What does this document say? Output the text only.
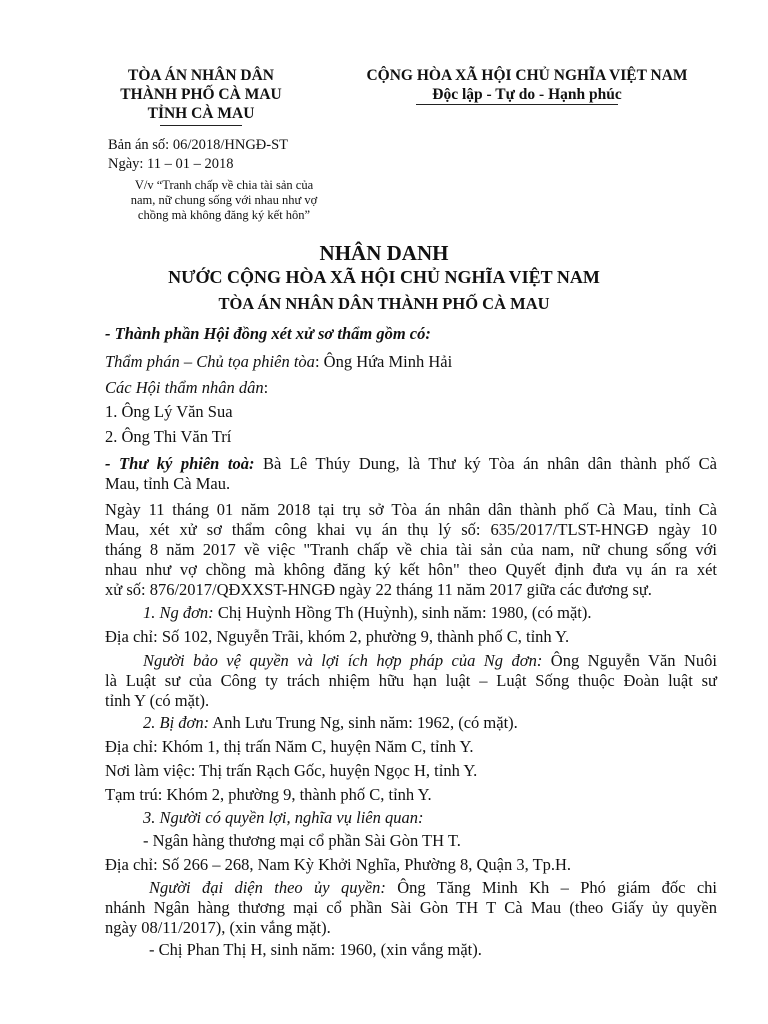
TÒA ÁN NHÂN DÂN
THÀNH PHỐ CÀ MAU
TỈNH CÀ MAU
CỘNG HÒA XÃ HỘI CHỦ NGHĨA VIỆT NAM
Độc lập - Tự do - Hạnh phúc
Bản án số: 06/2018/HNGĐ-ST
Ngày: 11 – 01 – 2018
V/v “Tranh chấp về chia tài sản của
nam, nữ chung sống với nhau như vợ
chồng mà không đăng ký kết hôn”
NHÂN DANH
NƯỚC CỘNG HÒA XÃ HỘI CHỦ NGHĨA VIỆT NAM
TÒA ÁN NHÂN DÂN THÀNH PHỐ CÀ MAU
- Thành phần Hội đồng xét xử sơ thẩm gồm có:
Thẩm phán – Chủ tọa phiên tòa: Ông Hứa Minh Hải
Các Hội thẩm nhân dân:
1. Ông Lý Văn Sua
2. Ông Thi Văn Trí
- Thư ký phiên toà: Bà Lê Thúy Dung, là Thư ký Tòa án nhân dân thành phố Cà
Mau, tỉnh Cà Mau.
Ngày 11 tháng 01 năm 2018 tại trụ sở Tòa án nhân dân thành phố Cà Mau, tỉnh Cà
Mau, xét xử sơ thẩm công khai vụ án thụ lý số: 635/2017/TLST-HNGĐ ngày 10
tháng 8 năm 2017 về việc "Tranh chấp về chia tài sản của nam, nữ chung sống với
nhau như vợ chồng mà không đăng ký kết hôn" theo Quyết định đưa vụ án ra xét
xử số: 876/2017/QĐXXST-HNGĐ ngày 22 tháng 11 năm 2017 giữa các đương sự.
1. Ng đơn: Chị Huỳnh Hồng Th (Huỳnh), sinh năm: 1980, (có mặt).
Địa chỉ: Số 102, Nguyễn Trãi, khóm 2, phường 9, thành phố C, tỉnh Y.
Người bảo vệ quyền và lợi ích hợp pháp của Ng đơn: Ông Nguyễn Văn Nuôi
là Luật sư của Công ty trách nhiệm hữu hạn luật – Luật Sống thuộc Đoàn luật sư
tỉnh Y (có mặt).
2. Bị đơn: Anh Lưu Trung Ng, sinh năm: 1962, (có mặt).
Địa chỉ: Khóm 1, thị trấn Năm C, huyện Năm C, tỉnh Y.
Nơi làm việc: Thị trấn Rạch Gốc, huyện Ngọc H, tỉnh Y.
Tạm trú: Khóm 2, phường 9, thành phố C, tỉnh Y.
3. Người có quyền lợi, nghĩa vụ liên quan:
- Ngân hàng thương mại cổ phần Sài Gòn TH T.
Địa chỉ: Số 266 – 268, Nam Kỳ Khởi Nghĩa, Phường 8, Quận 3, Tp.H.
Người đại diện theo ủy quyền: Ông Tăng Minh Kh – Phó giám đốc chi
nhánh Ngân hàng thương mại cổ phần Sài Gòn TH T Cà Mau (theo Giấy ủy quyền
ngày 08/11/2017), (xin vắng mặt).
- Chị Phan Thị H, sinh năm: 1960, (xin vắng mặt).
